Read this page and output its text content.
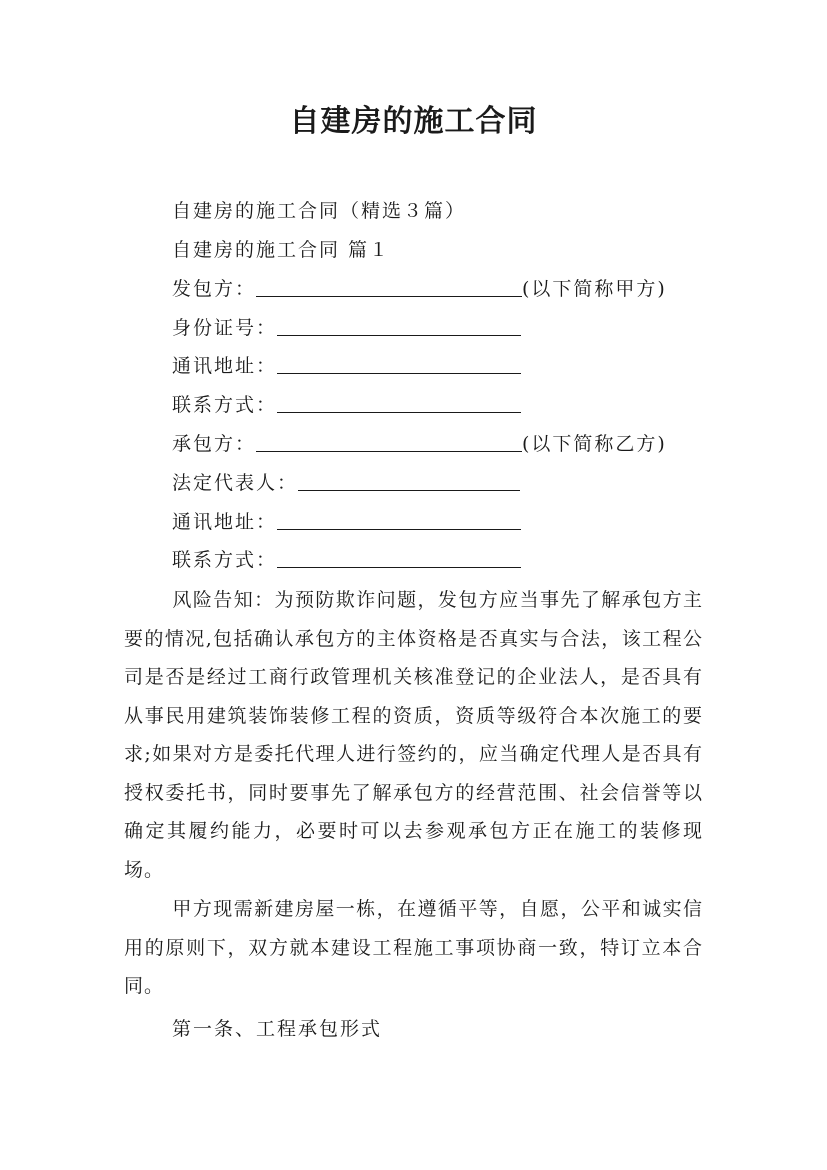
自建房的施工合同
自建房的施工合同（精选３篇）
自建房的施工合同 篇１
发包方：	(以下简称甲方)
身份证号：
通讯地址：
联系方式：
承包方：	(以下简称乙方)
法定代表人：
通讯地址：
联系方式：
风险告知：为预防欺诈问题，发包方应当事先了解承包方主要的情况,包括确认承包方的主体资格是否真实与合法，该工程公司是否是经过工商行政管理机关核准登记的企业法人，是否具有从事民用建筑装饰装修工程的资质，资质等级符合本次施工的要求;如果对方是委托代理人进行签约的，应当确定代理人是否具有授权委托书，同时要事先了解承包方的经营范围、社会信誉等以确定其履约能力，必要时可以去参观承包方正在施工的装修现场。
甲方现需新建房屋一栋，在遵循平等，自愿，公平和诚实信用的原则下，双方就本建设工程施工事项协商一致，特订立本合同。
第一条、工程承包形式
